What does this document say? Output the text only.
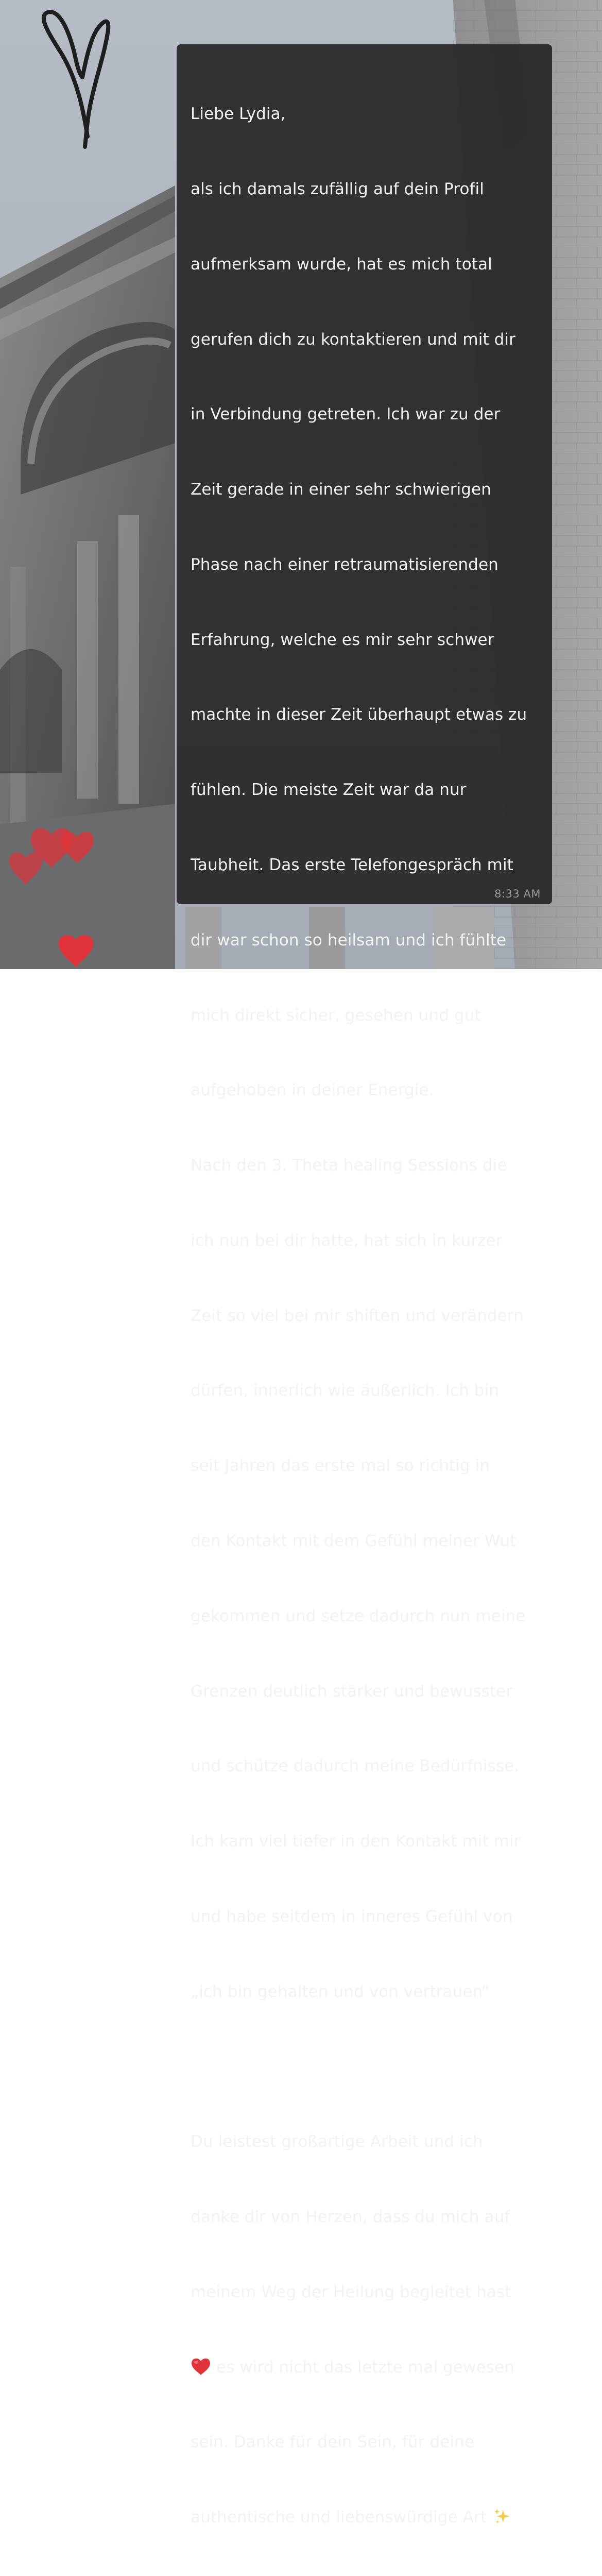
Liebe Lydia,

als ich damals zufällig auf dein Profil

aufmerksam wurde, hat es mich total

gerufen dich zu kontaktieren und mit dir

in Verbindung getreten. Ich war zu der

Zeit gerade in einer sehr schwierigen

Phase nach einer retraumatisierenden

Erfahrung, welche es mir sehr schwer

machte in dieser Zeit überhaupt etwas zu

fühlen. Die meiste Zeit war da nur

Taubheit. Das erste Telefongespräch mit

dir war schon so heilsam und ich fühlte

mich direkt sicher, gesehen und gut

aufgehoben in deiner Energie.

Nach den 3. Theta healing Sessions die

ich nun bei dir hatte, hat sich in kurzer

Zeit so viel bei mir shiften und verändern

dürfen, innerlich wie äußerlich. Ich bin

seit Jahren das erste mal so richtig in

den Kontakt mit dem Gefühl meiner Wut

gekommen und setze dadurch nun meine

Grenzen deutlich stärker und bewusster

und schütze dadurch meine Bedürfnisse.

Ich kam viel tiefer in den Kontakt mit mir

und habe seitdem in inneres Gefühl von

„ich bin gehalten und von vertrauen“

Du leistest großartige Arbeit und ich

danke dir von Herzen, dass du mich auf

meinem Weg der Heilung begleitet hast

es wird nicht das letzte mal gewesen

sein. Danke für dein Sein, für deine

authentische und liebenswürdige Art

8:33 AM
